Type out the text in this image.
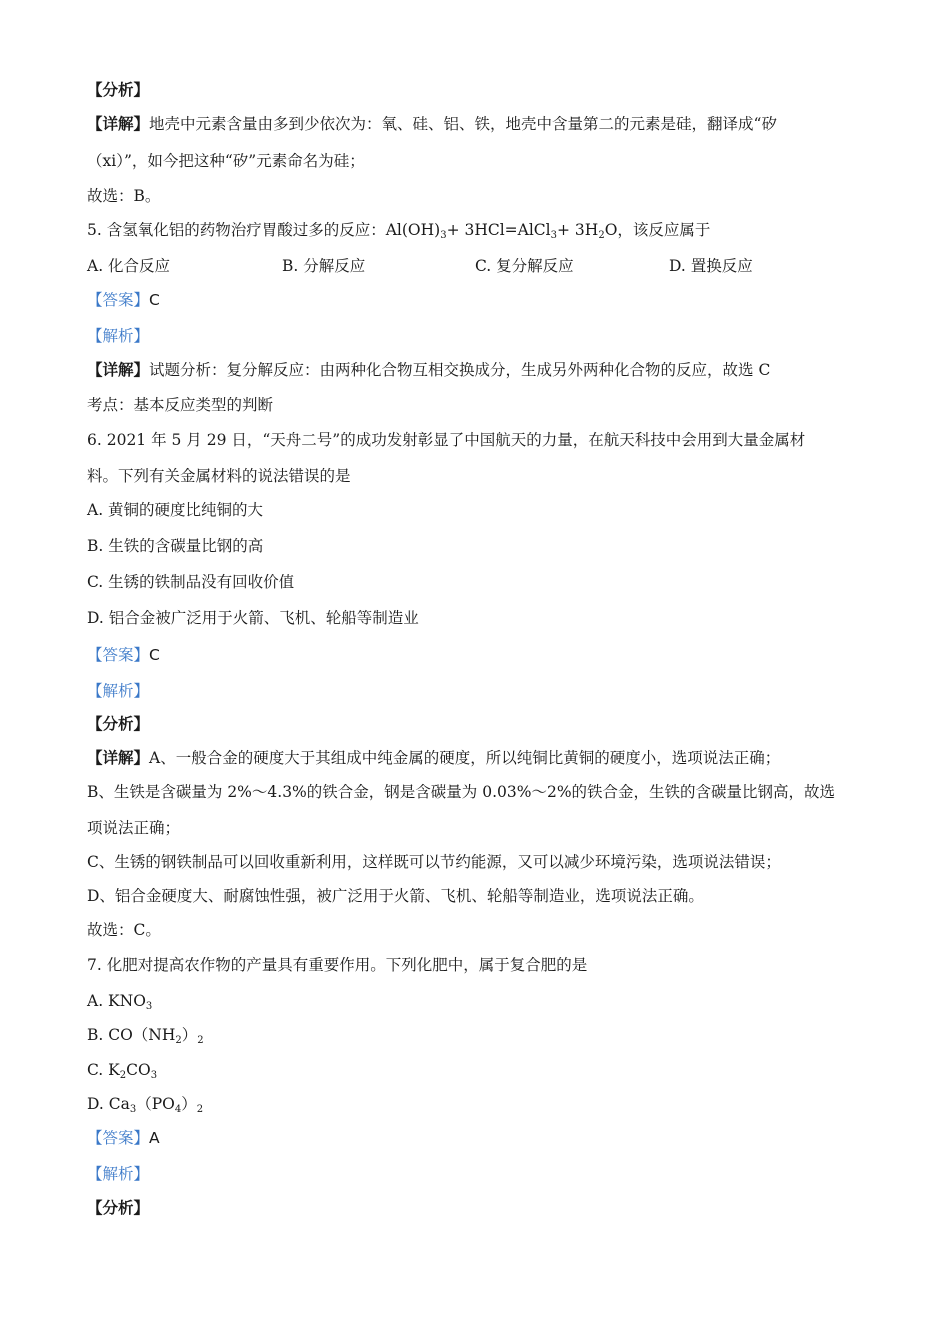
【分析】
【详解】地壳中元素含量由多到少依次为：氧、硅、铝、铁，地壳中含量第二的元素是硅，翻译成“矽
（xi）”，如今把这种“矽”元素命名为硅；
故选：B。
5. 含氢氧化铝的药物治疗胃酸过多的反应：$Al(OH)_3+$ 3HCl=AlCl$_3$+ $3H_2O$，该反应属于
A. 化合反应	B. 分解反应	C. 复分解反应	D. 置换反应
【答案】C
【解析】
【详解】试题分析：复分解反应：由两种化合物互相交换成分，生成另外两种化合物的反应，故选 C
考点：基本反应类型的判断
6. 2021 年 5 月 29 日，“天舟二号”的成功发射彰显了中国航天的力量，在航天科技中会用到大量金属材
料。下列有关金属材料的说法错误的是
A. 黄铜的硬度比纯铜的大
B. 生铁的含碳量比钢的高
C. 生锈的铁制品没有回收价值
D. 铝合金被广泛用于火箭、飞机、轮船等制造业
【答案】C
【解析】
【分析】
【详解】A、一般合金的硬度大于其组成中纯金属的硬度，所以纯铜比黄铜的硬度小，选项说法正确；
B、生铁是含碳量为 2%～4.3%的铁合金，钢是含碳量为 0.03%～2%的铁合金，生铁的含碳量比钢高，故选
项说法正确；
C、生锈的钢铁制品可以回收重新利用，这样既可以节约能源，又可以减少环境污染，选项说法错误；
D、铝合金硬度大、耐腐蚀性强，被广泛用于火箭、飞机、轮船等制造业，选项说法正确。
故选：C。
7. 化肥对提高农作物的产量具有重要作用。下列化肥中，属于复合肥的是
A. $KNO_3$
B. $CO(NH_2)_2$
C. $K_2CO_3$
D. $Ca_3(PO_4)_2$
【答案】A
【解析】
【分析】
